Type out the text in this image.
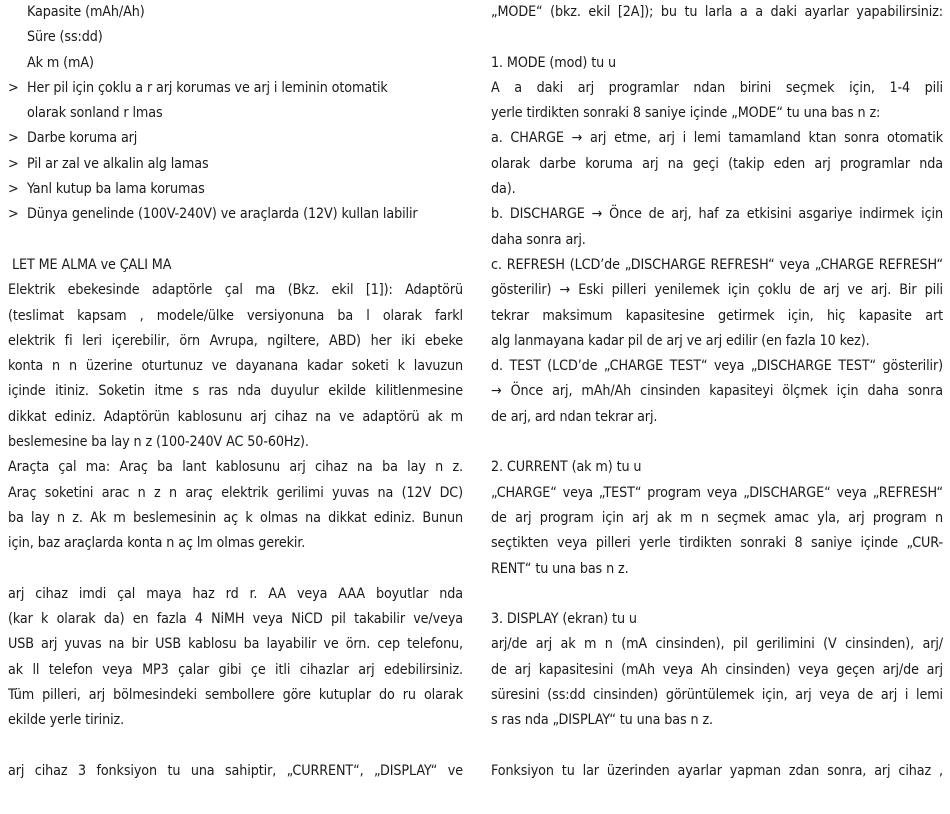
Kapasite (mAh/Ah)
Süre (ss:dd)
Ak m (mA)
> Her pil için çoklu a r arj korumas ve arj i leminin otomatik
olarak sonland r lmas
> Darbe koruma arj
> Pil ar zal ve alkalin alg lamas
> Yanl kutup ba lama korumas
> Dünya genelinde (100V-240V) ve araçlarda (12V) kullan labilir
LET ME ALMA ve ÇALI MA
Elektrik ebekesinde adaptörle çal ma (Bkz. ekil [1]): Adaptörü
(teslimat kapsam , modele/ülke versiyonuna ba l olarak farkl
elektrik fi leri içerebilir, örn Avrupa, ngiltere, ABD) her iki ebeke
konta n n üzerine oturtunuz ve dayanana kadar soketi k lavuzun
içinde itiniz. Soketin itme s ras nda duyulur ekilde kilitlenmesine
dikkat ediniz. Adaptörün kablosunu arj cihaz na ve adaptörü ak m
beslemesine ba lay n z (100-240V AC 50-60Hz).
Araçta çal ma: Araç ba lant kablosunu arj cihaz na ba lay n z.
Araç soketini arac n z n araç elektrik gerilimi yuvas na (12V DC)
ba lay n z. Ak m beslemesinin aç k olmas na dikkat ediniz. Bunun
için, baz araçlarda konta n aç lm olmas gerekir.
arj cihaz imdi çal maya haz rd r. AA veya AAA boyutlar nda
(kar k olarak da) en fazla 4 NiMH veya NiCD pil takabilir ve/veya
USB arj yuvas na bir USB kablosu ba layabilir ve örn. cep telefonu,
ak ll telefon veya MP3 çalar gibi çe itli cihazlar arj edebilirsiniz.
Tüm pilleri, arj bölmesindeki sembollere göre kutuplar do ru olarak
ekilde yerle tiriniz.
arj cihaz 3 fonksiyon tu una sahiptir, „CURRENT“, „DISPLAY“ ve
„MODE“ (bkz. ekil [2A]); bu tu larla a a daki ayarlar yapabilirsiniz:
1. MODE (mod) tu u
A a daki arj programlar ndan birini seçmek için, 1-4 pili
yerle tirdikten sonraki 8 saniye içinde „MODE“ tu una bas n z:
a. CHARGE → arj etme, arj i lemi tamamland ktan sonra otomatik
olarak darbe koruma arj na geçi (takip eden arj programlar nda
da).
b. DISCHARGE → Önce de arj, haf za etkisini asgariye indirmek için
daha sonra arj.
c. REFRESH (LCD’de „DISCHARGE REFRESH“ veya „CHARGE REFRESH“
gösterilir) → Eski pilleri yenilemek için çoklu de arj ve arj. Bir pili
tekrar maksimum kapasitesine getirmek için, hiç kapasite art
alg lanmayana kadar pil de arj ve arj edilir (en fazla 10 kez).
d. TEST (LCD’de „CHARGE TEST“ veya „DISCHARGE TEST“ gösterilir)
→ Önce arj, mAh/Ah cinsinden kapasiteyi ölçmek için daha sonra
de arj, ard ndan tekrar arj.
2. CURRENT (ak m) tu u
„CHARGE“ veya „TEST“ program veya „DISCHARGE“ veya „REFRESH“
de arj program için arj ak m n seçmek amac yla, arj program n
seçtikten veya pilleri yerle tirdikten sonraki 8 saniye içinde „CUR-
RENT“ tu una bas n z.
3. DISPLAY (ekran) tu u
arj/de arj ak m n (mA cinsinden), pil gerilimini (V cinsinden), arj/
de arj kapasitesini (mAh veya Ah cinsinden) veya geçen arj/de arj
süresini (ss:dd cinsinden) görüntülemek için, arj veya de arj i lemi
s ras nda „DISPLAY“ tu una bas n z.
Fonksiyon tu lar üzerinden ayarlar yapman zdan sonra, arj cihaz ,
